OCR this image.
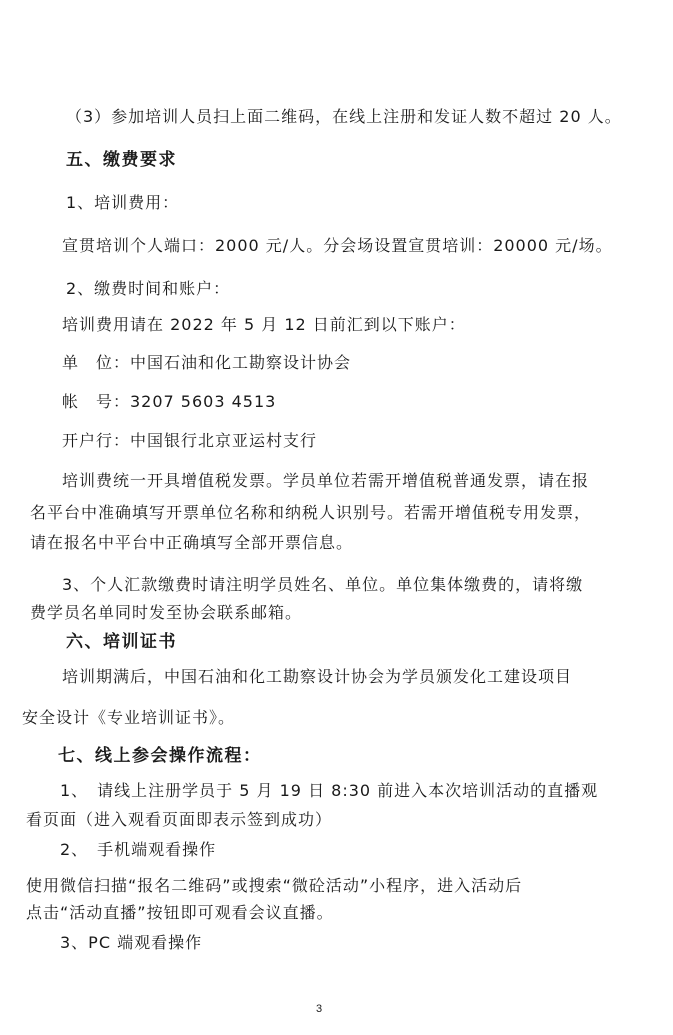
（3）参加培训人员扫上面二维码，在线上注册和发证人数不超过 20 人。

五、缴费要求

1、培训费用：

宣贯培训个人端口：2000 元/人。分会场设置宣贯培训：20000 元/场。

2、缴费时间和账户：

培训费用请在 2022 年 5 月 12 日前汇到以下账户：

单　位：中国石油和化工勘察设计协会

帐　号：3207 5603 4513

开户行：中国银行北京亚运村支行

培训费统一开具增值税发票。学员单位若需开增值税普通发票，请在报

名平台中准确填写开票单位名称和纳税人识别号。若需开增值税专用发票，

请在报名中平台中正确填写全部开票信息。

3、个人汇款缴费时请注明学员姓名、单位。单位集体缴费的，请将缴

费学员名单同时发至协会联系邮箱。

六、培训证书

培训期满后，中国石油和化工勘察设计协会为学员颁发化工建设项目

安全设计《专业培训证书》。

七、线上参会操作流程：

1、　请线上注册学员于 5 月 19 日 8:30 前进入本次培训活动的直播观

看页面（进入观看页面即表示签到成功）

2、　手机端观看操作

使用微信扫描“报名二维码”或搜索“微砼活动”小程序，进入活动后

点击“活动直播”按钮即可观看会议直播。

3、PC 端观看操作

3
